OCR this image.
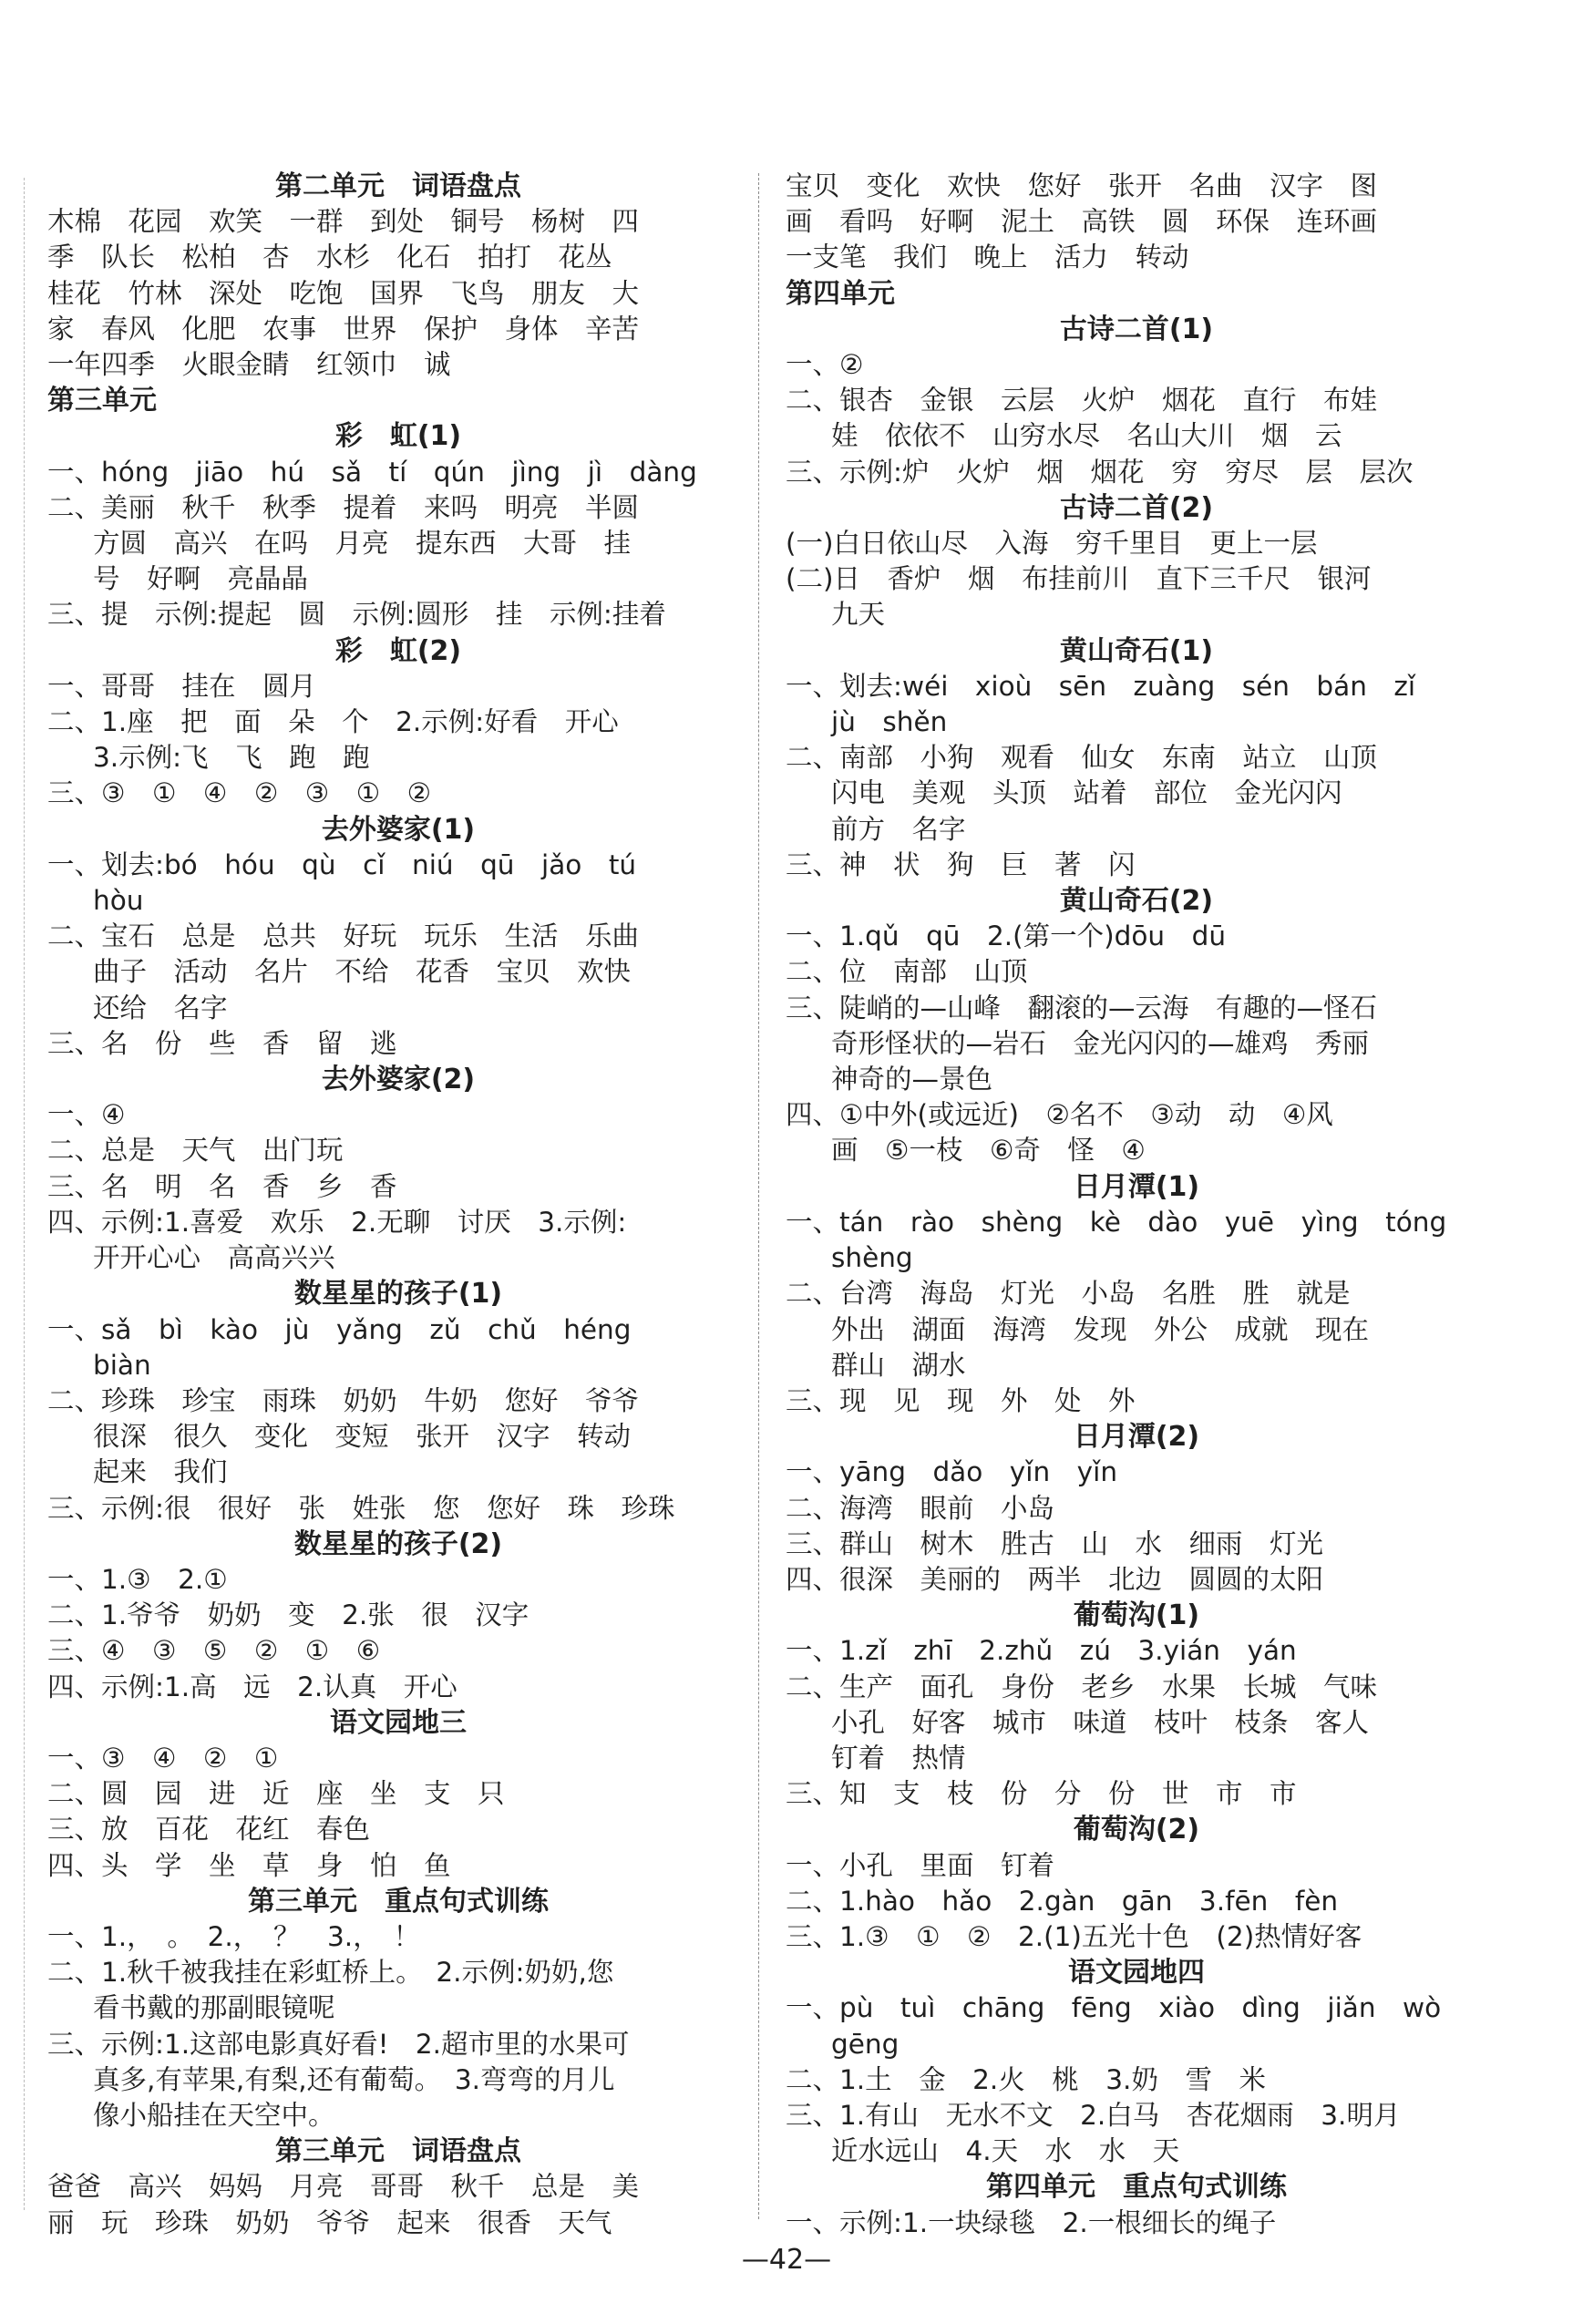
第二单元　词语盘点
木棉　花园　欢笑　一群　到处　铜号　杨树　四
季　队长　松柏　杏　水杉　化石　拍打　花丛
桂花　竹林　深处　吃饱　国界　飞鸟　朋友　大
家　春风　化肥　农事　世界　保护　身体　辛苦
一年四季　火眼金睛　红领巾　诚
第三单元
彩　虹(1)
一、hóng　jiāo　hú　sǎ　tí　qún　jìng　jì　dàng
二、美丽　秋千　秋季　提着　来吗　明亮　半圆
方圆　高兴　在吗　月亮　提东西　大哥　挂
号　好啊　亮晶晶
三、提　示例:提起　圆　示例:圆形　挂　示例:挂着
彩　虹(2)
一、哥哥　挂在　圆月
二、1.座　把　面　朵　个　2.示例:好看　开心
3.示例:飞　飞　跑　跑
三、③　①　④　②　③　①　②
去外婆家(1)
一、划去:bó　hóu　qù　cǐ　niú　qū　jǎo　tú
hòu
二、宝石　总是　总共　好玩　玩乐　生活　乐曲
曲子　活动　名片　不给　花香　宝贝　欢快
还给　名字
三、名　份　些　香　留　逃
去外婆家(2)
一、④
二、总是　天气　出门玩
三、名　明　名　香　乡　香
四、示例:1.喜爱　欢乐　2.无聊　讨厌　3.示例:
开开心心　高高兴兴
数星星的孩子(1)
一、sǎ　bì　kào　jù　yǎng　zǔ　chǔ　héng
biàn
二、珍珠　珍宝　雨珠　奶奶　牛奶　您好　爷爷
很深　很久　变化　变短　张开　汉字　转动
起来　我们
三、示例:很　很好　张　姓张　您　您好　珠　珍珠
数星星的孩子(2)
一、1.③　2.①
二、1.爷爷　奶奶　变　2.张　很　汉字
三、④　③　⑤　②　①　⑥
四、示例:1.高　远　2.认真　开心
语文园地三
一、③　④　②　①
二、圆　园　进　近　座　坐　支　只
三、放　百花　花红　春色
四、头　学　坐　草　身　怕　鱼
第三单元　重点句式训练
一、1.，　。　2.，　？　3.，　！
二、1.秋千被我挂在彩虹桥上。　2.示例:奶奶,您
看书戴的那副眼镜呢
三、示例:1.这部电影真好看!　2.超市里的水果可
真多,有苹果,有梨,还有葡萄。　3.弯弯的月儿
像小船挂在天空中。
第三单元　词语盘点
爸爸　高兴　妈妈　月亮　哥哥　秋千　总是　美
丽　玩　珍珠　奶奶　爷爷　起来　很香　天气
宝贝　变化　欢快　您好　张开　名曲　汉字　图
画　看吗　好啊　泥土　高铁　圆　环保　连环画
一支笔　我们　晚上　活力　转动
第四单元
古诗二首(1)
一、②
二、银杏　金银　云层　火炉　烟花　直行　布娃
娃　依依不　山穷水尽　名山大川　烟　云
三、示例:炉　火炉　烟　烟花　穷　穷尽　层　层次
古诗二首(2)
(一)白日依山尽　入海　穷千里目　更上一层
(二)日　香炉　烟　布挂前川　直下三千尺　银河
九天
黄山奇石(1)
一、划去:wéi　xioù　sēn　zuàng　sén　bán　zǐ
jù　shěn
二、南部　小狗　观看　仙女　东南　站立　山顶
闪电　美观　头顶　站着　部位　金光闪闪
前方　名字
三、神　状　狗　巨　著　闪
黄山奇石(2)
一、1.qǔ　qū　2.(第一个)dōu　dū
二、位　南部　山顶
三、陡峭的—山峰　翻滚的—云海　有趣的—怪石
奇形怪状的—岩石　金光闪闪的—雄鸡　秀丽
神奇的—景色
四、①中外(或远近)　②名不　③动　动　④风
画　⑤一枝　⑥奇　怪　④
日月潭(1)
一、tán　rào　shèng　kè　dào　yuē　yìng　tóng
shèng
二、台湾　海岛　灯光　小岛　名胜　胜　就是
外出　湖面　海湾　发现　外公　成就　现在
群山　湖水
三、现　见　现　外　处　外
日月潭(2)
一、yāng　dǎo　yǐn　yǐn
二、海湾　眼前　小岛
三、群山　树木　胜古　山　水　细雨　灯光
四、很深　美丽的　两半　北边　圆圆的太阳
葡萄沟(1)
一、1.zǐ　zhī　2.zhǔ　zú　3.yián　yán
二、生产　面孔　身份　老乡　水果　长城　气味
小孔　好客　城市　味道　枝叶　枝条　客人
钉着　热情
三、知　支　枝　份　分　份　世　市　市
葡萄沟(2)
一、小孔　里面　钉着
二、1.hào　hǎo　2.gàn　gān　3.fēn　fèn
三、1.③　①　②　2.(1)五光十色　(2)热情好客
语文园地四
一、pù　tuì　chāng　fēng　xiào　dìng　jiǎn　wò
gēng
二、1.土　金　2.火　桃　3.奶　雪　米
三、1.有山　无水不文　2.白马　杏花烟雨　3.明月
近水远山　4.天　水　水　天
第四单元　重点句式训练
一、示例:1.一块绿毯　2.一根细长的绳子
—42—
